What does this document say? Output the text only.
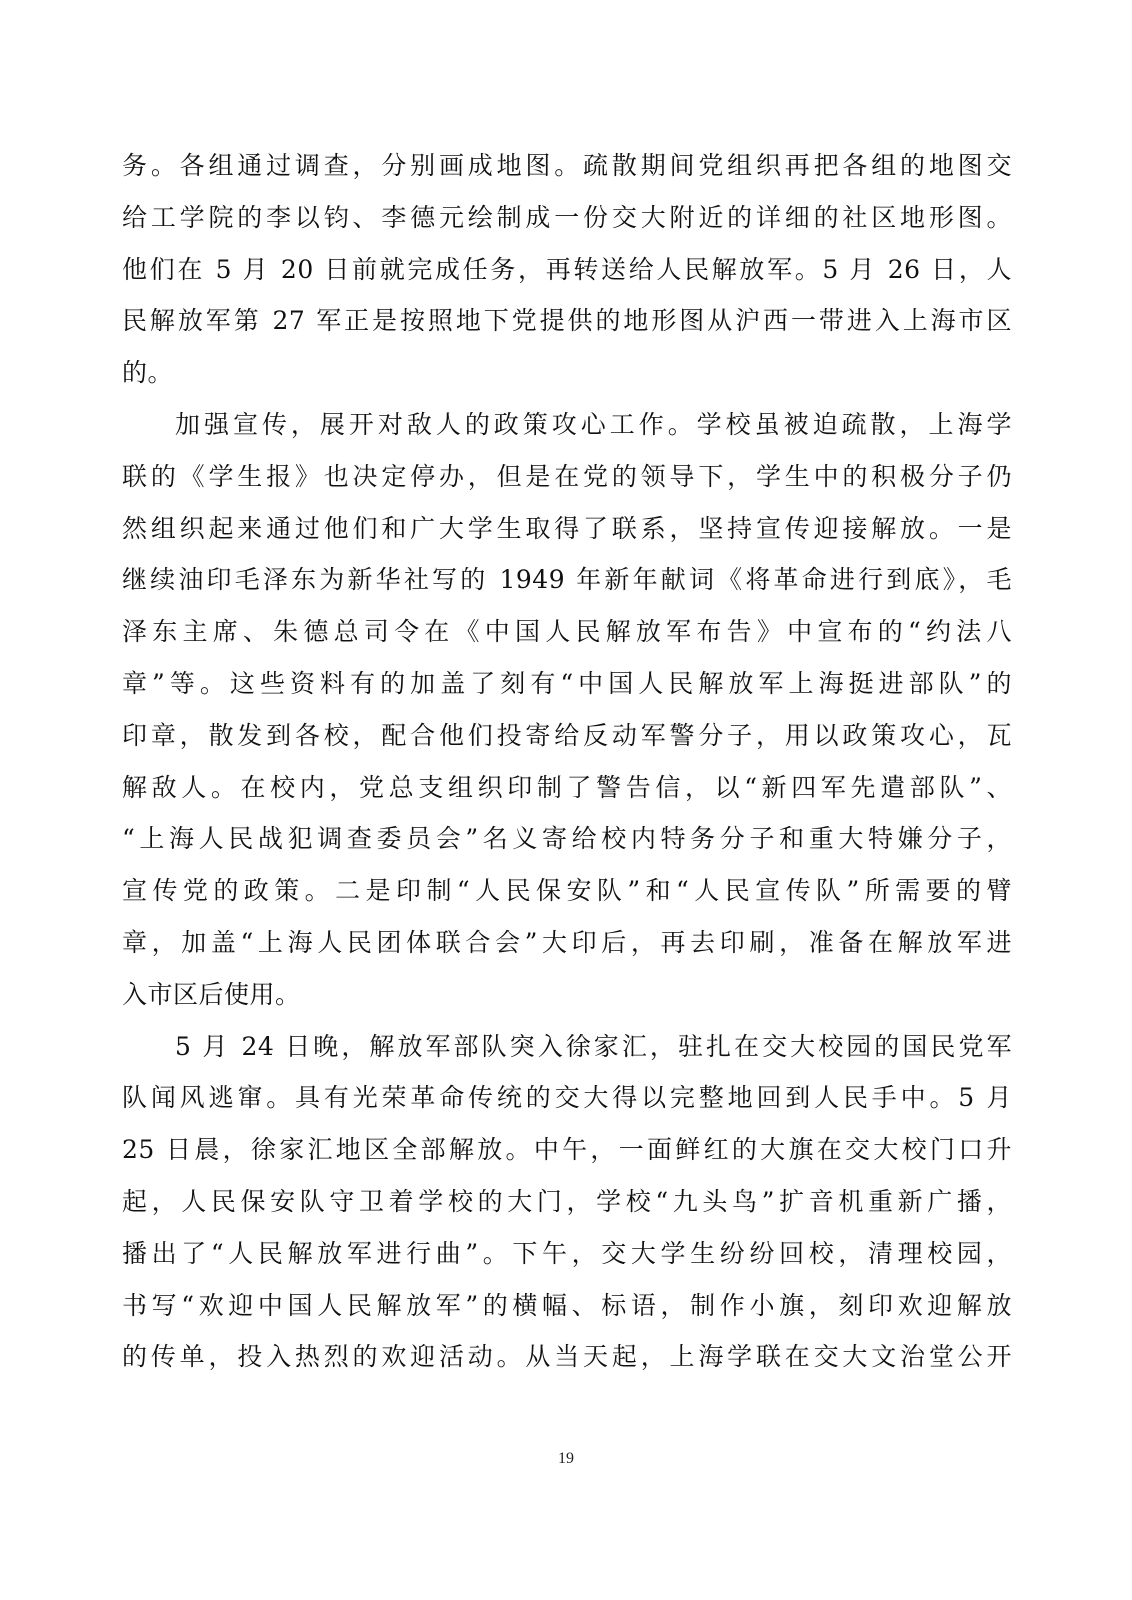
务。各组通过调查，分别画成地图。疏散期间党组织再把各组的地图交
给工学院的李以钧、李德元绘制成一份交大附近的详细的社区地形图。
他们在 5 月 20 日前就完成任务，再转送给人民解放军。5 月 26 日，人
民解放军第 27 军正是按照地下党提供的地形图从沪西一带进入上海市区
的。
加强宣传，展开对敌人的政策攻心工作。学校虽被迫疏散，上海学
联的《学生报》也决定停办，但是在党的领导下，学生中的积极分子仍
然组织起来通过他们和广大学生取得了联系，坚持宣传迎接解放。一是
继续油印毛泽东为新华社写的 1949 年新年献词《将革命进行到底》，毛
泽东主席、朱德总司令在《中国人民解放军布告》中宣布的“约法八
章”等。这些资料有的加盖了刻有“中国人民解放军上海挺进部队”的
印章，散发到各校，配合他们投寄给反动军警分子，用以政策攻心，瓦
解敌人。在校内，党总支组织印制了警告信，以“新四军先遣部队”、
“上海人民战犯调查委员会”名义寄给校内特务分子和重大特嫌分子，
宣传党的政策。二是印制“人民保安队”和“人民宣传队”所需要的臂
章，加盖“上海人民团体联合会”大印后，再去印刷，准备在解放军进
入市区后使用。
5 月 24 日晚，解放军部队突入徐家汇，驻扎在交大校园的国民党军
队闻风逃窜。具有光荣革命传统的交大得以完整地回到人民手中。5 月
25 日晨，徐家汇地区全部解放。中午，一面鲜红的大旗在交大校门口升
起，人民保安队守卫着学校的大门，学校“九头鸟”扩音机重新广播，
播出了“人民解放军进行曲”。下午，交大学生纷纷回校，清理校园，
书写“欢迎中国人民解放军”的横幅、标语，制作小旗，刻印欢迎解放
的传单，投入热烈的欢迎活动。从当天起，上海学联在交大文治堂公开
19
